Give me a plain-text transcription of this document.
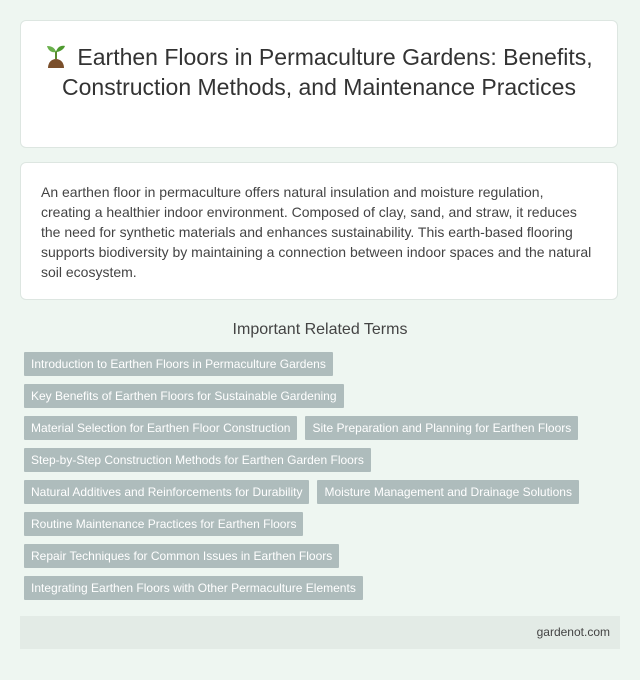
Earthen Floors in Permaculture Gardens: Benefits, Construction Methods, and Maintenance Practices

An earthen floor in permaculture offers natural insulation and moisture regulation, creating a healthier indoor environment. Composed of clay, sand, and straw, it reduces the need for synthetic materials and enhances sustainability. This earth-based flooring supports biodiversity by maintaining a connection between indoor spaces and the natural soil ecosystem.

Important Related Terms
Introduction to Earthen Floors in Permaculture Gardens
Key Benefits of Earthen Floors for Sustainable Gardening
Material Selection for Earthen Floor Construction	Site Preparation and Planning for Earthen Floors
Step-by-Step Construction Methods for Earthen Garden Floors
Natural Additives and Reinforcements for Durability	Moisture Management and Drainage Solutions
Routine Maintenance Practices for Earthen Floors
Repair Techniques for Common Issues in Earthen Floors
Integrating Earthen Floors with Other Permaculture Elements
gardenot.com
